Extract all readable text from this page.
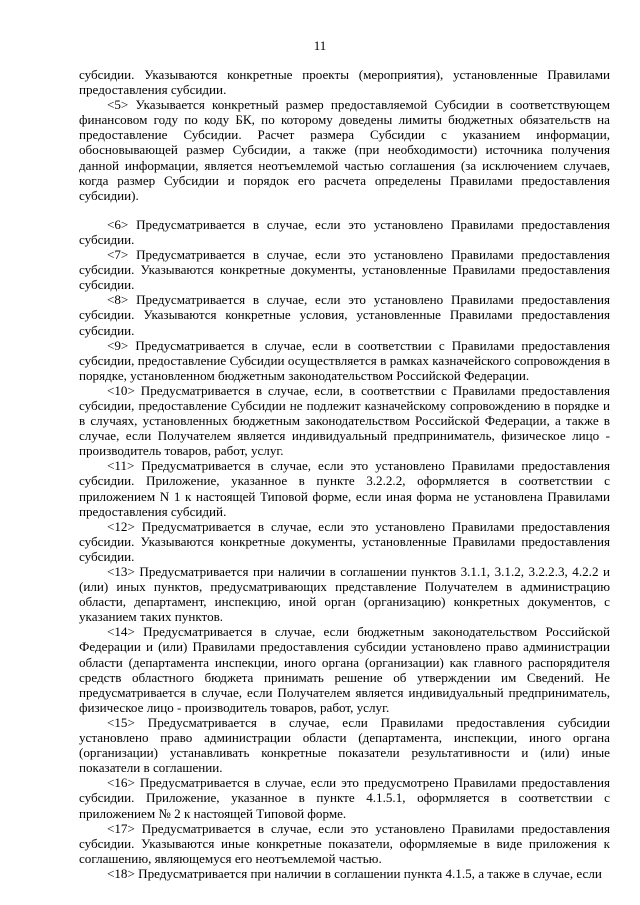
11

субсидии. Указываются конкретные проекты (мероприятия), установленные Правилами предоставления субсидии.

<5> Указывается конкретный размер предоставляемой Субсидии в соответствующем финансовом году по коду БК, по которому доведены лимиты бюджетных обязательств на предоставление Субсидии. Расчет размера Субсидии с указанием информации, обосновывающей размер Субсидии, а также (при необходимости) источника получения данной информации, является неотъемлемой частью соглашения (за исключением случаев, когда размер Субсидии и порядок его расчета определены Правилами предоставления субсидии).

<6> Предусматривается в случае, если это установлено Правилами предоставления субсидии.

<7> Предусматривается в случае, если это установлено Правилами предоставления субсидии. Указываются конкретные документы, установленные Правилами предоставления субсидии.

<8> Предусматривается в случае, если это установлено Правилами предоставления субсидии. Указываются конкретные условия, установленные Правилами предоставления субсидии.

<9> Предусматривается в случае, если в соответствии с Правилами предоставления субсидии, предоставление Субсидии осуществляется в рамках казначейского сопровождения в порядке, установленном бюджетным законодательством Российской Федерации.

<10> Предусматривается в случае, если, в соответствии с Правилами предоставления субсидии, предоставление Субсидии не подлежит казначейскому сопровождению в порядке и в случаях, установленных бюджетным законодательством Российской Федерации, а также в случае, если Получателем является индивидуальный предприниматель, физическое лицо - производитель товаров, работ, услуг.

<11> Предусматривается в случае, если это установлено Правилами предоставления субсидии. Приложение, указанное в пункте 3.2.2.2, оформляется в соответствии с приложением N 1 к настоящей Типовой форме, если иная форма не установлена Правилами предоставления субсидий.

<12> Предусматривается в случае, если это установлено Правилами предоставления субсидии. Указываются конкретные документы, установленные Правилами предоставления субсидии.

<13> Предусматривается при наличии в соглашении пунктов 3.1.1, 3.1.2, 3.2.2.3, 4.2.2 и (или) иных пунктов, предусматривающих представление Получателем в администрацию области, департамент, инспекцию, иной орган (организацию) конкретных документов, с указанием таких пунктов.

<14> Предусматривается в случае, если бюджетным законодательством Российской Федерации и (или) Правилами предоставления субсидии установлено право администрации области (департамента инспекции, иного органа (организации) как главного распорядителя средств областного бюджета принимать решение об утверждении им Сведений. Не предусматривается в случае, если Получателем является индивидуальный предприниматель, физическое лицо - производитель товаров, работ, услуг.

<15> Предусматривается в случае, если Правилами предоставления субсидии установлено право администрации области (департамента, инспекции, иного органа (организации) устанавливать конкретные показатели результативности и (или) иные показатели в соглашении.

<16> Предусматривается в случае, если это предусмотрено Правилами предоставления субсидии. Приложение, указанное в пункте 4.1.5.1, оформляется в соответствии с приложением № 2 к настоящей Типовой форме.

<17> Предусматривается в случае, если это установлено Правилами предоставления субсидии. Указываются иные конкретные показатели, оформляемые в виде приложения к соглашению, являющемуся его неотъемлемой частью.

<18> Предусматривается при наличии в соглашении пункта 4.1.5, а также в случае, если
